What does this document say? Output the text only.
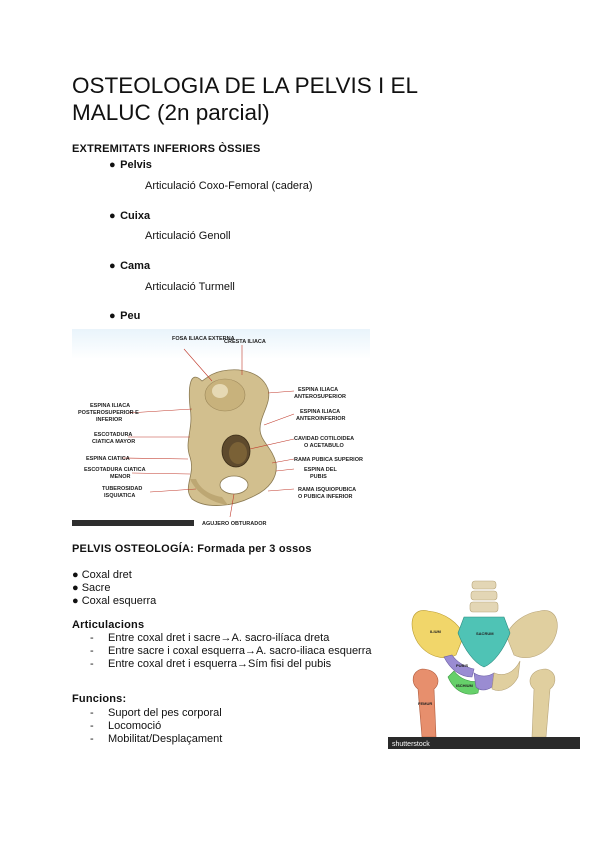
OSTEOLOGIA DE LA PELVIS I EL MALUC (2n parcial)
EXTREMITATS INFERIORS ÒSSIES
● Pelvis
Articulació Coxo-Femoral (cadera)
● Cuixa
Articulació Genoll
● Cama
Articulació Turmell
● Peu
FOSA ILIACA EXTERNA
CRESTA ILIACA
ESPINA ILIACA
POSTEROSUPERIOR E
INFERIOR
ESCOTADURA
CIATICA MAYOR
ESPINA CIATICA
ESCOTADURA CIATICA
MENOR
TUBEROSIDAD
ISQUIATICA
ESPINA ILIACA
ANTEROSUPERIOR
ESPINA ILIACA
ANTEROINFERIOR
CAVIDAD COTILOIDEA
O ACETABULO
RAMA PUBICA SUPERIOR
ESPINA DEL
PUBIS
RAMA ISQUIOPUBICA
O PUBICA INFERIOR
AGUJERO OBTURADOR
PELVIS OSTEOLOGÍA: Formada per 3 ossos
● Coxal dret
● Sacre
● Coxal esquerra
Articulacions
- Entre coxal dret i sacre→A. sacro-ilíaca dreta
- Entre sacre i coxal esquerra→A. sacro-iliaca esquerra
- Entre coxal dret i esquerra→Sím fisi del pubis
Funcions:
- Suport del pes corporal
- Locomoció
- Mobilitat/Desplaçament
ILIUM	SACRUM
PUBIS
ISCHIUM
FEMUR
shutterstock
